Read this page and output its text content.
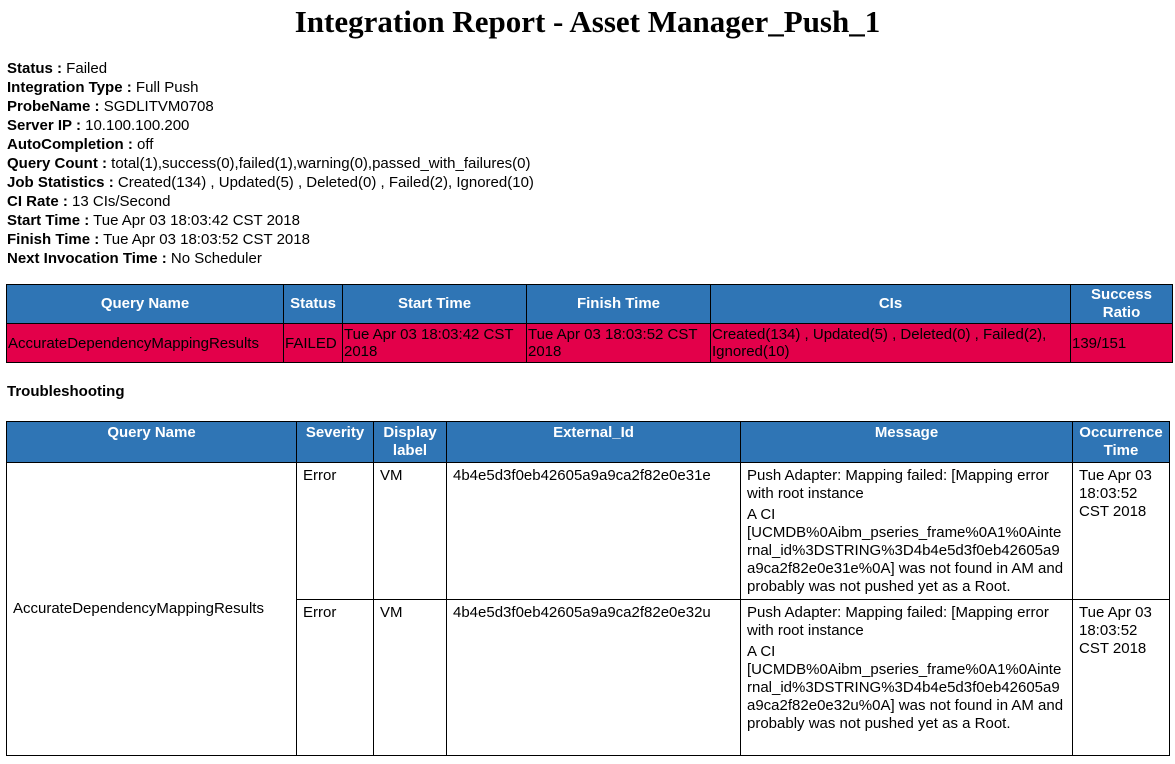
Integration Report - Asset Manager_Push_1
Status : Failed
Integration Type : Full Push
ProbeName : SGDLITVM0708
Server IP : 10.100.100.200
AutoCompletion : off
Query Count : total(1),success(0),failed(1),warning(0),passed_with_failures(0)
Job Statistics : Created(134) , Updated(5) , Deleted(0) , Failed(2), Ignored(10)
CI Rate : 13 CIs/Second
Start Time : Tue Apr 03 18:03:42 CST 2018
Finish Time : Tue Apr 03 18:03:52 CST 2018
Next Invocation Time : No Scheduler
Query Name	Status	Start Time	Finish Time	CIs	Success Ratio
AccurateDependencyMappingResults	FAILED	Tue Apr 03 18:03:42 CST 2018	Tue Apr 03 18:03:52 CST 2018	Created(134) , Updated(5) , Deleted(0) , Failed(2), Ignored(10)	139/151
Troubleshooting
Query Name	Severity	Display label	External_Id	Message	Occurrence Time
AccurateDependencyMappingResults	Error	VM	4b4e5d3f0eb42605a9a9ca2f82e0e31e	Push Adapter: Mapping failed: [Mapping error with root instance

A CI [UCMDB%0Aibm_pseries_frame%0A1%0Ainternal_id%3DSTRING%3D4b4e5d3f0eb42605a9a9ca2f82e0e31e%0A] was not found in AM and probably was not pushed yet as a Root.	Tue Apr 03 18:03:52 CST 2018
	Error	VM	4b4e5d3f0eb42605a9a9ca2f82e0e32u	Push Adapter: Mapping failed: [Mapping error with root instance

A CI [UCMDB%0Aibm_pseries_frame%0A1%0Ainternal_id%3DSTRING%3D4b4e5d3f0eb42605a9a9ca2f82e0e32u%0A] was not found in AM and probably was not pushed yet as a Root.	Tue Apr 03 18:03:52 CST 2018
